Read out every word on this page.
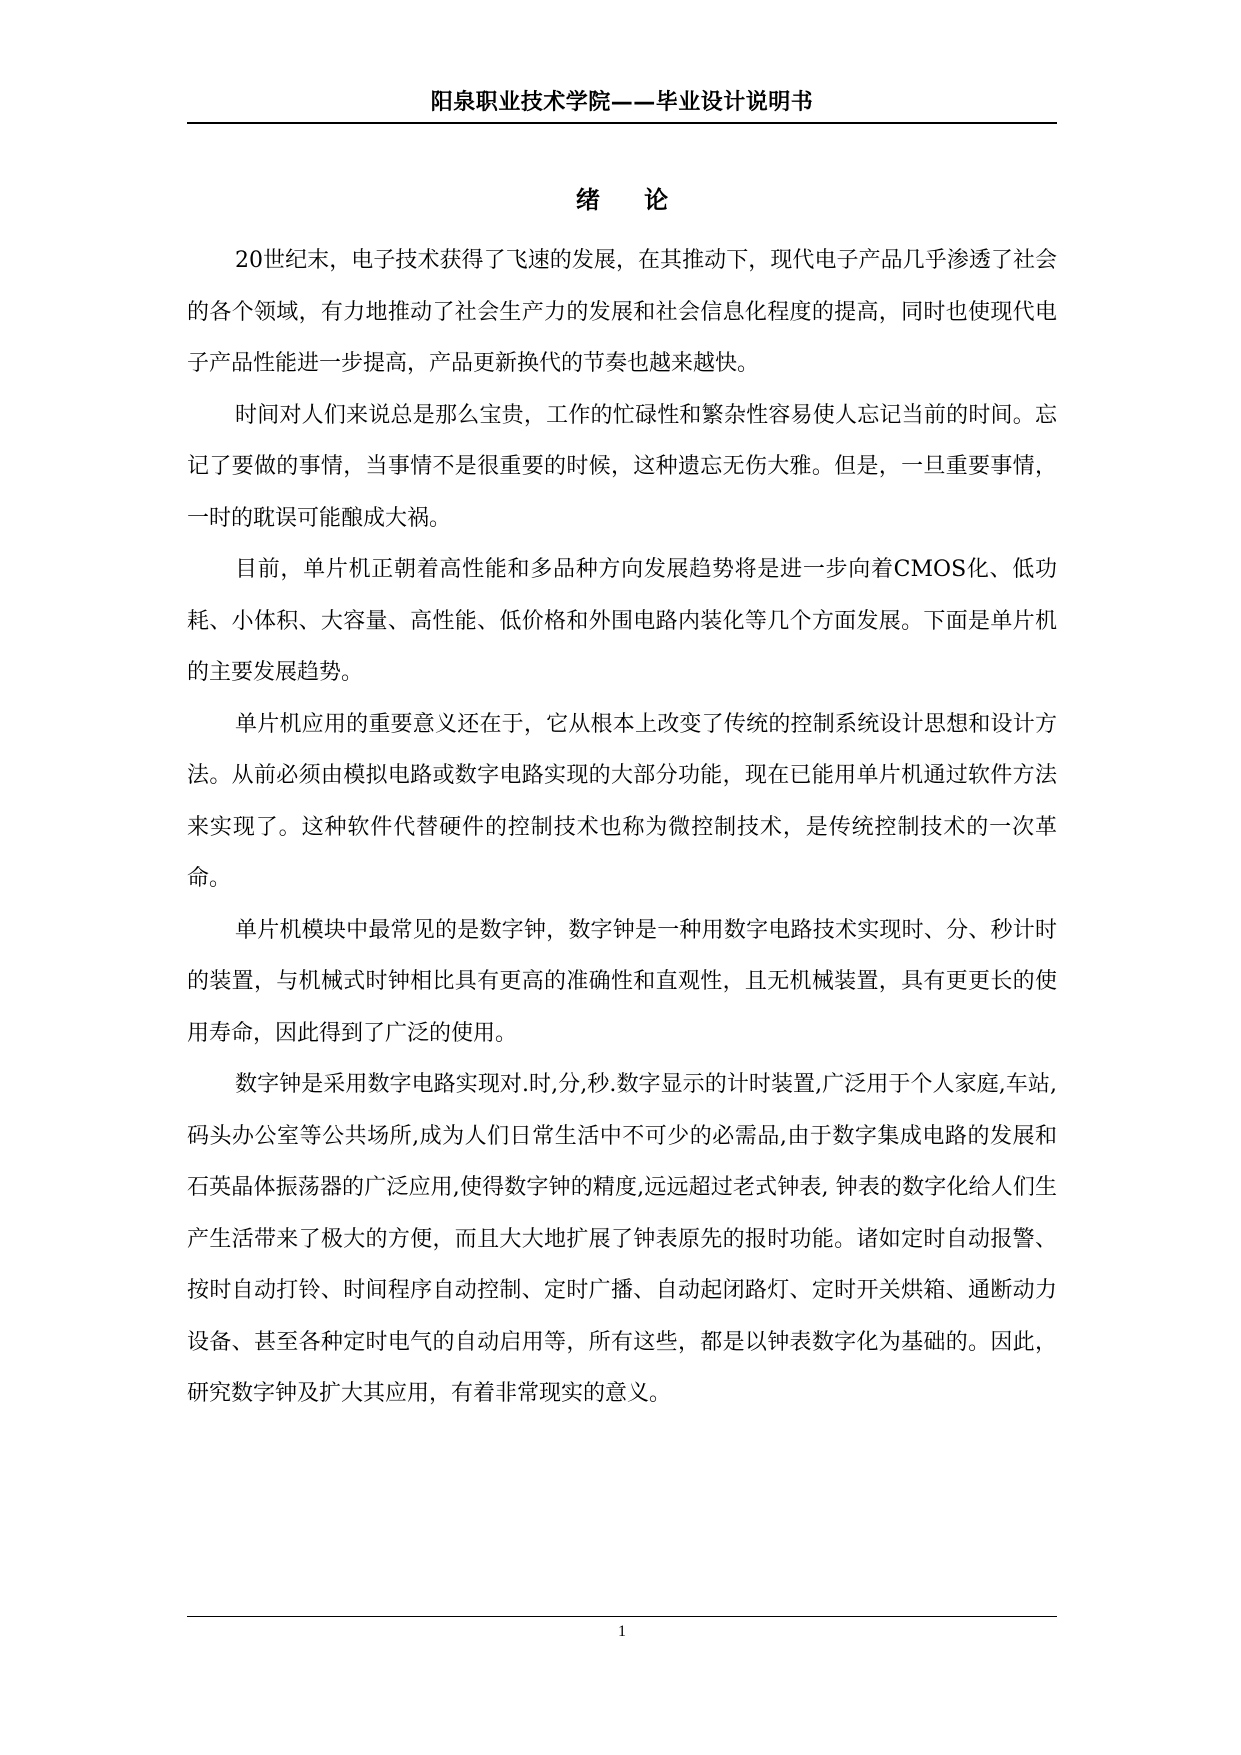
阳泉职业技术学院——毕业设计说明书
绪 论

20世纪末，电子技术获得了飞速的发展，在其推动下，现代电子产品几乎渗透了社会的各个领域，有力地推动了社会生产力的发展和社会信息化程度的提高，同时也使现代电子产品性能进一步提高，产品更新换代的节奏也越来越快。

时间对人们来说总是那么宝贵，工作的忙碌性和繁杂性容易使人忘记当前的时间。忘记了要做的事情，当事情不是很重要的时候，这种遗忘无伤大雅。但是，一旦重要事情，一时的耽误可能酿成大祸。

目前，单片机正朝着高性能和多品种方向发展趋势将是进一步向着CMOS化、低功耗、小体积、大容量、高性能、低价格和外围电路内装化等几个方面发展。下面是单片机的主要发展趋势。

单片机应用的重要意义还在于，它从根本上改变了传统的控制系统设计思想和设计方法。从前必须由模拟电路或数字电路实现的大部分功能，现在已能用单片机通过软件方法来实现了。这种软件代替硬件的控制技术也称为微控制技术，是传统控制技术的一次革命。

单片机模块中最常见的是数字钟，数字钟是一种用数字电路技术实现时、分、秒计时的装置，与机械式时钟相比具有更高的准确性和直观性，且无机械装置，具有更更长的使用寿命，因此得到了广泛的使用。

数字钟是采用数字电路实现对.时,分,秒.数字显示的计时装置,广泛用于个人家庭,车站, 码头办公室等公共场所,成为人们日常生活中不可少的必需品,由于数字集成电路的发展和石英晶体振荡器的广泛应用,使得数字钟的精度,远远超过老式钟表, 钟表的数字化给人们生产生活带来了极大的方便，而且大大地扩展了钟表原先的报时功能。诸如定时自动报警、按时自动打铃、时间程序自动控制、定时广播、自动起闭路灯、定时开关烘箱、通断动力设备、甚至各种定时电气的自动启用等，所有这些，都是以钟表数字化为基础的。因此，研究数字钟及扩大其应用，有着非常现实的意义。

1
